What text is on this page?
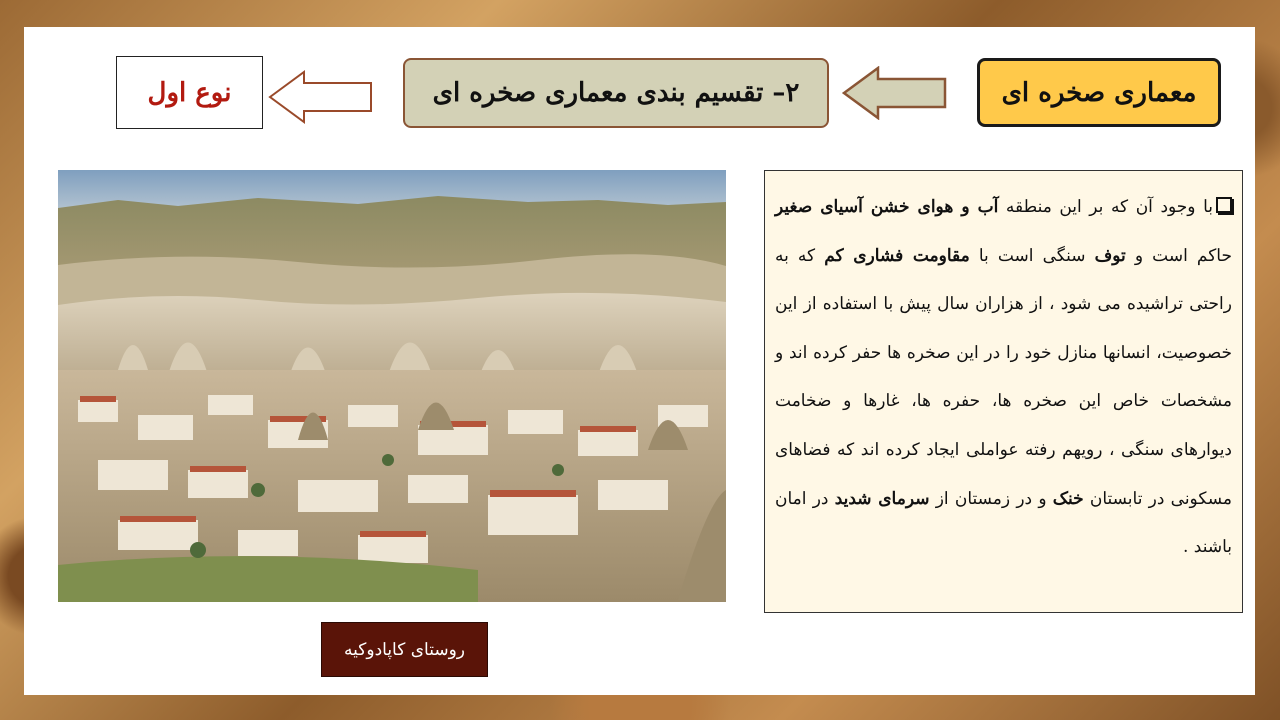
معماری صخره ای
۲– تقسیم بندی معماری صخره ای
نوع اول
با وجود آن که بر این منطقه آب و هوای خشن آسیای صغیر حاکم است و توف سنگی است با مقاومت فشاری کم که به راحتی تراشیده می شود ، از هزاران سال پیش با استفاده از این خصوصیت، انسانها منازل خود را در این صخره ها حفر کرده اند و مشخصات خاص این صخره ها، حفره ها، غارها و ضخامت دیوارهای سنگی ، رویهم رفته عواملی ایجاد کرده اند که فضاهای مسکونی در تابستان خنک و در زمستان از سرمای شدید در امان باشند .
روستای کاپادوکیه
